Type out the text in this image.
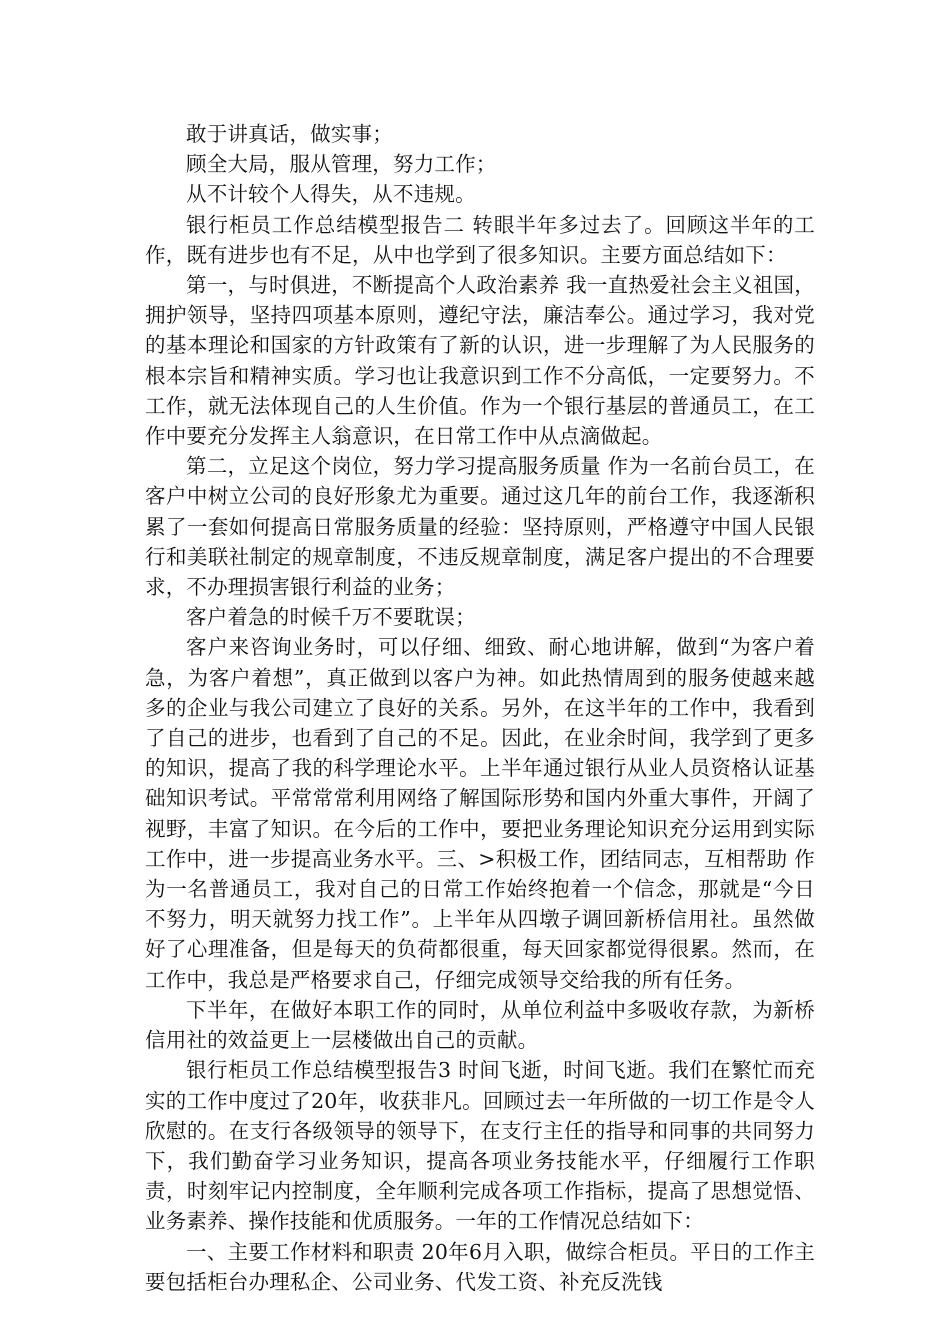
敢于讲真话，做实事；

顾全大局，服从管理，努力工作；

从不计较个人得失，从不违规。

银行柜员工作总结模型报告二 转眼半年多过去了。回顾这半年的工作，既有进步也有不足，从中也学到了很多知识。主要方面总结如下：

第一，与时俱进，不断提高个人政治素养 我一直热爱社会主义祖国，拥护领导，坚持四项基本原则，遵纪守法，廉洁奉公。通过学习，我对党的基本理论和国家的方针政策有了新的认识，进一步理解了为人民服务的根本宗旨和精神实质。学习也让我意识到工作不分高低，一定要努力。不工作，就无法体现自己的人生价值。作为一个银行基层的普通员工，在工作中要充分发挥主人翁意识，在日常工作中从点滴做起。

第二，立足这个岗位，努力学习提高服务质量 作为一名前台员工，在客户中树立公司的良好形象尤为重要。通过这几年的前台工作，我逐渐积累了一套如何提高日常服务质量的经验：坚持原则，严格遵守中国人民银行和美联社制定的规章制度，不违反规章制度，满足客户提出的不合理要求，不办理损害银行利益的业务；

客户着急的时候千万不要耽误；

客户来咨询业务时，可以仔细、细致、耐心地讲解，做到“为客户着急，为客户着想”，真正做到以客户为神。如此热情周到的服务使越来越多的企业与我公司建立了良好的关系。另外，在这半年的工作中，我看到了自己的进步，也看到了自己的不足。因此，在业余时间，我学到了更多的知识，提高了我的科学理论水平。上半年通过银行从业人员资格认证基础知识考试。平常常常利用网络了解国际形势和国内外重大事件，开阔了视野，丰富了知识。在今后的工作中，要把业务理论知识充分运用到实际工作中，进一步提高业务水平。三、>积极工作，团结同志，互相帮助 作为一名普通员工，我对自己的日常工作始终抱着一个信念，那就是“今日不努力，明天就努力找工作”。上半年从四墩子调回新桥信用社。虽然做好了心理准备，但是每天的负荷都很重，每天回家都觉得很累。然而，在工作中，我总是严格要求自己，仔细完成领导交给我的所有任务。

下半年，在做好本职工作的同时，从单位利益中多吸收存款，为新桥信用社的效益更上一层楼做出自己的贡献。

银行柜员工作总结模型报告3 时间飞逝，时间飞逝。我们在繁忙而充实的工作中度过了20年，收获非凡。回顾过去一年所做的一切工作是令人欣慰的。在支行各级领导的领导下，在支行主任的指导和同事的共同努力下，我们勤奋学习业务知识，提高各项业务技能水平，仔细履行工作职责，时刻牢记内控制度，全年顺利完成各项工作指标，提高了思想觉悟、业务素养、操作技能和优质服务。一年的工作情况总结如下：

一、主要工作材料和职责 20年6月入职，做综合柜员。平日的工作主要包括柜台办理私企、公司业务、代发工资、补充反洗钱
